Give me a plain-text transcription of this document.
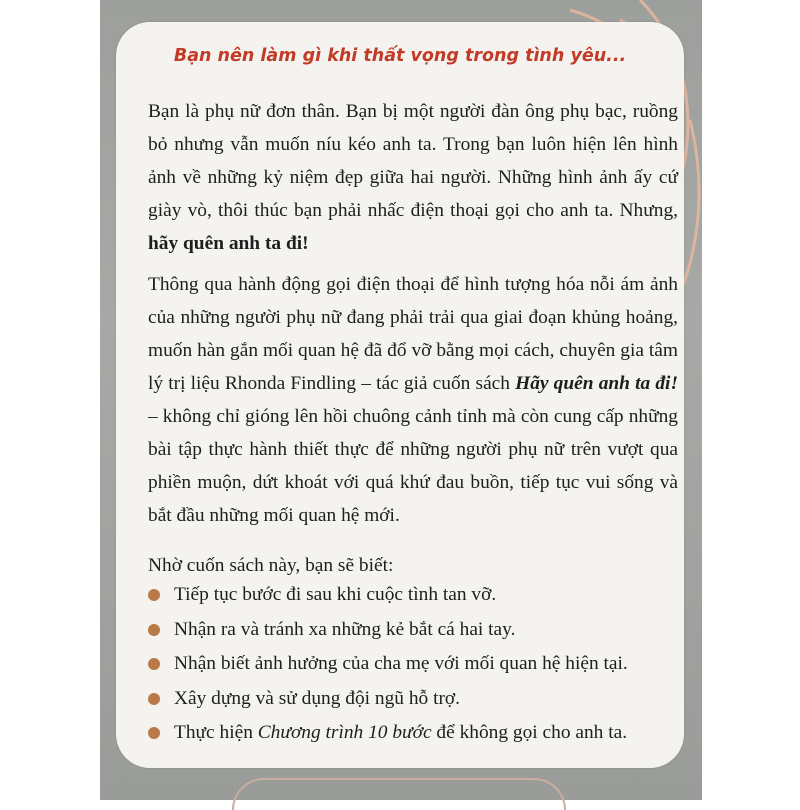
Bạn nên làm gì khi thất vọng trong tình yêu...
Bạn là phụ nữ đơn thân. Bạn bị một người đàn ông phụ bạc, ruồng bỏ nhưng vẫn muốn níu kéo anh ta. Trong bạn luôn hiện lên hình ảnh về những kỷ niệm đẹp giữa hai người. Những hình ảnh ấy cứ giày vò, thôi thúc bạn phải nhấc điện thoại gọi cho anh ta. Nhưng, hãy quên anh ta đi!
Thông qua hành động gọi điện thoại để hình tượng hóa nỗi ám ảnh của những người phụ nữ đang phải trải qua giai đoạn khủng hoảng, muốn hàn gắn mối quan hệ đã đổ vỡ bằng mọi cách, chuyên gia tâm lý trị liệu Rhonda Findling – tác giả cuốn sách Hãy quên anh ta đi! – không chỉ gióng lên hồi chuông cảnh tỉnh mà còn cung cấp những bài tập thực hành thiết thực để những người phụ nữ trên vượt qua phiền muộn, dứt khoát với quá khứ đau buồn, tiếp tục vui sống và bắt đầu những mối quan hệ mới.
Nhờ cuốn sách này, bạn sẽ biết:
Tiếp tục bước đi sau khi cuộc tình tan vỡ.
Nhận ra và tránh xa những kẻ bắt cá hai tay.
Nhận biết ảnh hưởng của cha mẹ với mối quan hệ hiện tại.
Xây dựng và sử dụng đội ngũ hỗ trợ.
Thực hiện Chương trình 10 bước để không gọi cho anh ta.
